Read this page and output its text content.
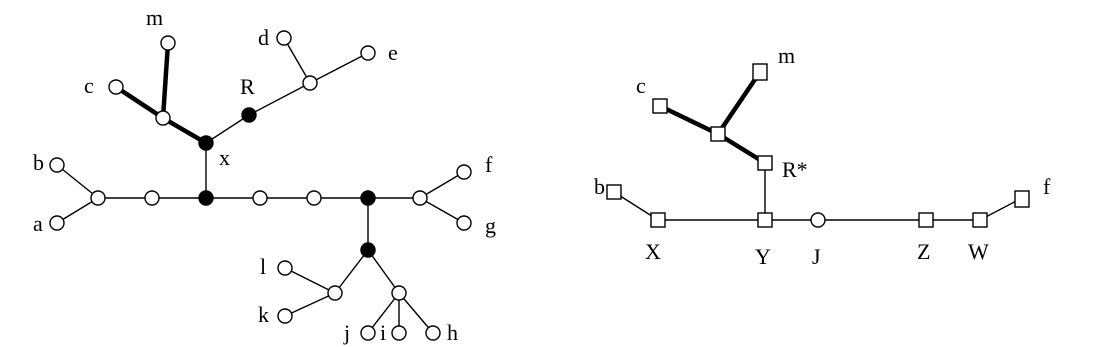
m
d
e
c	R
x
b
a
f
g
l
k
j i	h
c
m
R*
b	f
X	Y J	Z W
